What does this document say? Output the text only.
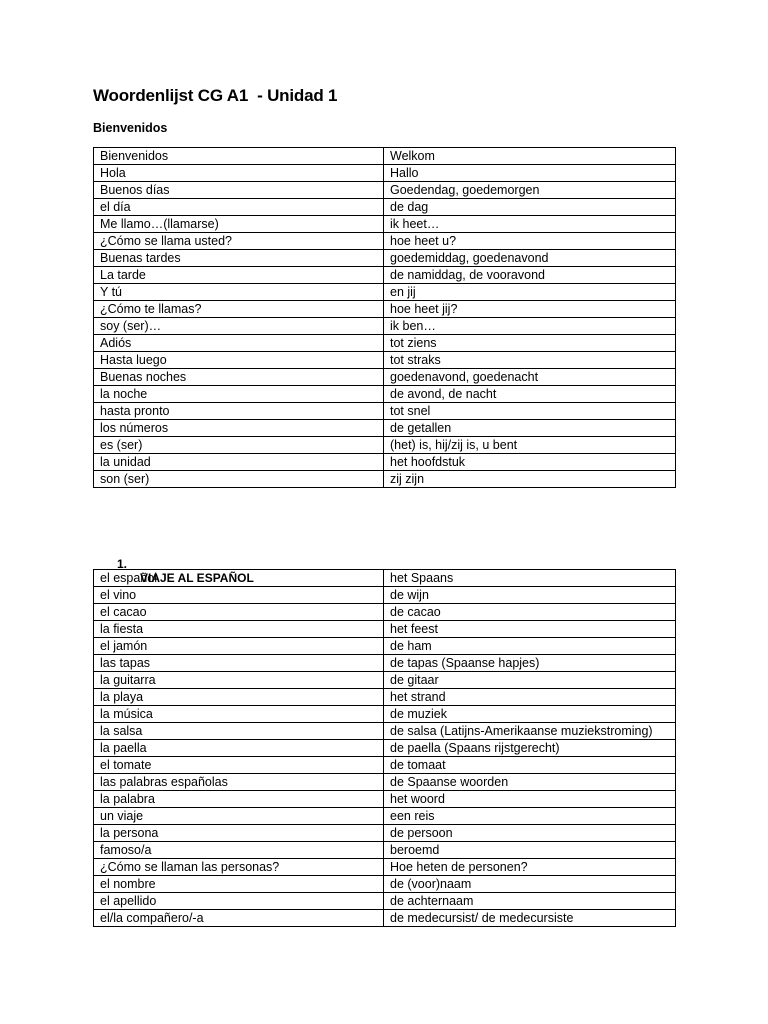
Woordenlijst CG A1  - Unidad 1
Bienvenidos
Bienvenidos	Welkom
Hola	Hallo
Buenos días	Goedendag, goedemorgen
el día	de dag
Me llamo…(llamarse)	ik heet…
¿Cómo se llama usted?	hoe heet u?
Buenas tardes	goedemiddag, goedenavond
La tarde	de namiddag, de vooravond
Y tú	en jij
¿Cómo te llamas?	hoe heet jij?
soy (ser)…	ik ben…
Adiós	tot ziens
Hasta luego	tot straks
Buenas noches	goedenavond, goedenacht
la noche	de avond, de nacht
hasta pronto	tot snel
los números	de getallen
es (ser)	(het) is, hij/zij is, u bent
la unidad	het hoofdstuk
son (ser)	zij zijn

1.

VIAJE AL ESPAÑOL

el español	het Spaans
el vino	de wijn
el cacao	de cacao
la fiesta	het feest
el jamón	de ham
las tapas	de tapas (Spaanse hapjes)
la guitarra	de gitaar
la playa	het strand
la música	de muziek
la salsa	de salsa (Latijns-Amerikaanse muziekstroming)
la paella	de paella (Spaans rijstgerecht)
el tomate	de tomaat
las palabras españolas	de Spaanse woorden
la palabra	het woord
un viaje	een reis
la persona	de persoon
famoso/a	beroemd
¿Cómo se llaman las personas?	Hoe heten de personen?
el nombre	de (voor)naam
el apellido	de achternaam
el/la compañero/-a	de medecursist/ de medecursiste
